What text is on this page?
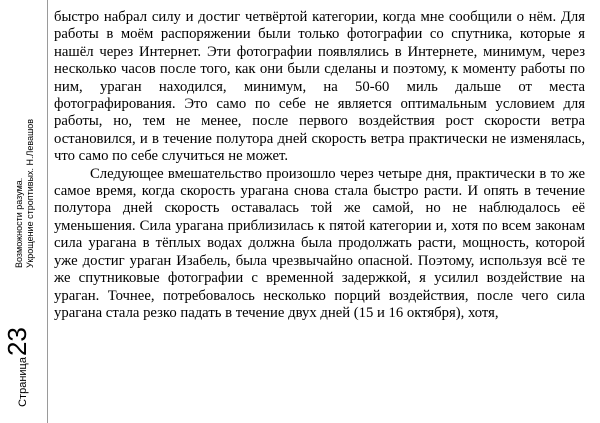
Возможности разума. Укрощение строптивых. Н.Левашов
Страница
23

быстро набрал силу и достиг четвёртой категории, когда мне сообщили о нём. Для работы в моём распоряжении были только фотографии со спутника, которые я нашёл через Интернет. Эти фотографии появлялись в Интернете, минимум, через несколько часов после того, как они были сделаны и поэтому, к моменту работы по ним, ураган находился, минимум, на 50-60 миль дальше от места фотографирования. Это само по себе не является оптимальным условием для работы, но, тем не менее, после первого воздействия рост скорости ветра остановился, и в течение полутора дней скорость ветра практически не изменялась, что само по себе случиться не может.

Следующее вмешательство произошло через четыре дня, практически в то же самое время, когда скорость урагана снова стала быстро расти. И опять в течение полутора дней скорость оставалась той же самой, но не наблюдалось её уменьшения. Сила урагана приблизилась к пятой категории и, хотя по всем законам сила урагана в тёплых водах должна была продолжать расти, мощность, которой уже достиг ураган Изабель, была чрезвычайно опасной. Поэтому, используя всё те же спутниковые фотографии с временной задержкой, я усилил воздействие на ураган. Точнее, потребовалось несколько порций воздействия, после чего сила урагана стала резко падать в течение двух дней (15 и 16 октября), хотя,
